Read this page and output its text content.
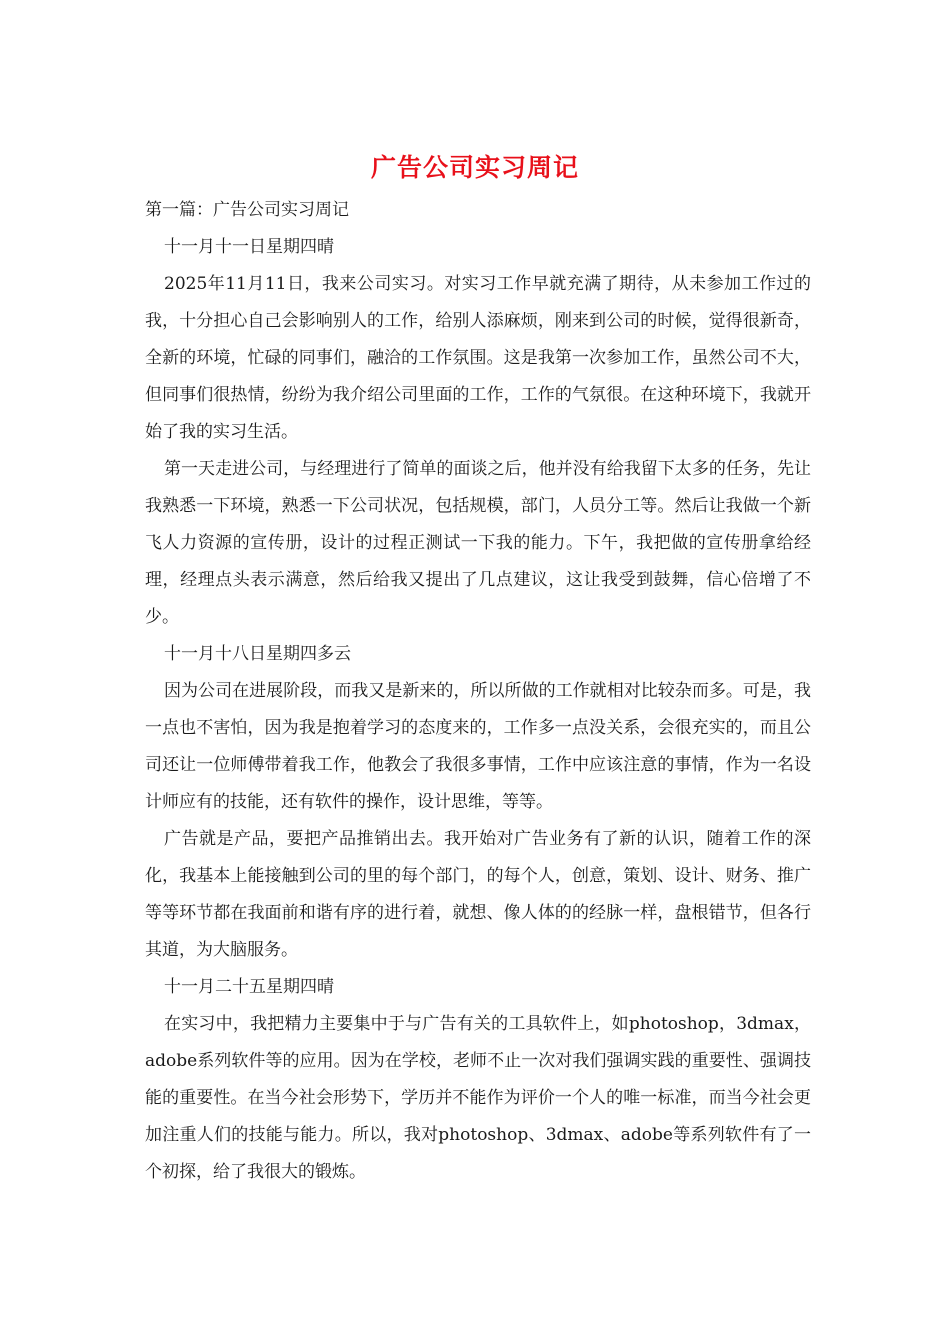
广告公司实习周记

第一篇：广告公司实习周记

十一月十一日星期四晴

2025年11月11日，我来公司实习。对实习工作早就充满了期待，从未参加工作过的我，十分担心自己会影响别人的工作，给别人添麻烦，刚来到公司的时候，觉得很新奇，全新的环境，忙碌的同事们，融洽的工作氛围。这是我第一次参加工作，虽然公司不大，但同事们很热情，纷纷为我介绍公司里面的工作，工作的气氛很。在这种环境下，我就开始了我的实习生活。

第一天走进公司，与经理进行了简单的面谈之后，他并没有给我留下太多的任务，先让我熟悉一下环境，熟悉一下公司状况，包括规模，部门，人员分工等。然后让我做一个新飞人力资源的宣传册，设计的过程正测试一下我的能力。下午，我把做的宣传册拿给经理，经理点头表示满意，然后给我又提出了几点建议，这让我受到鼓舞，信心倍增了不少。

十一月十八日星期四多云

因为公司在进展阶段，而我又是新来的，所以所做的工作就相对比较杂而多。可是，我一点也不害怕，因为我是抱着学习的态度来的，工作多一点没关系，会很充实的，而且公司还让一位师傅带着我工作，他教会了我很多事情，工作中应该注意的事情，作为一名设计师应有的技能，还有软件的操作，设计思维，等等。

广告就是产品，要把产品推销出去。我开始对广告业务有了新的认识，随着工作的深化，我基本上能接触到公司的里的每个部门，的每个人，创意，策划、设计、财务、推广等等环节都在我面前和谐有序的进行着，就想、像人体的的经脉一样，盘根错节，但各行其道，为大脑服务。

十一月二十五星期四晴

在实习中，我把精力主要集中于与广告有关的工具软件上，如photoshop，3dmax，adobe系列软件等的应用。因为在学校，老师不止一次对我们强调实践的重要性、强调技能的重要性。在当今社会形势下，学历并不能作为评价一个人的唯一标准，而当今社会更加注重人们的技能与能力。所以，我对photoshop、3dmax、adobe等系列软件有了一个初探，给了我很大的锻炼。
